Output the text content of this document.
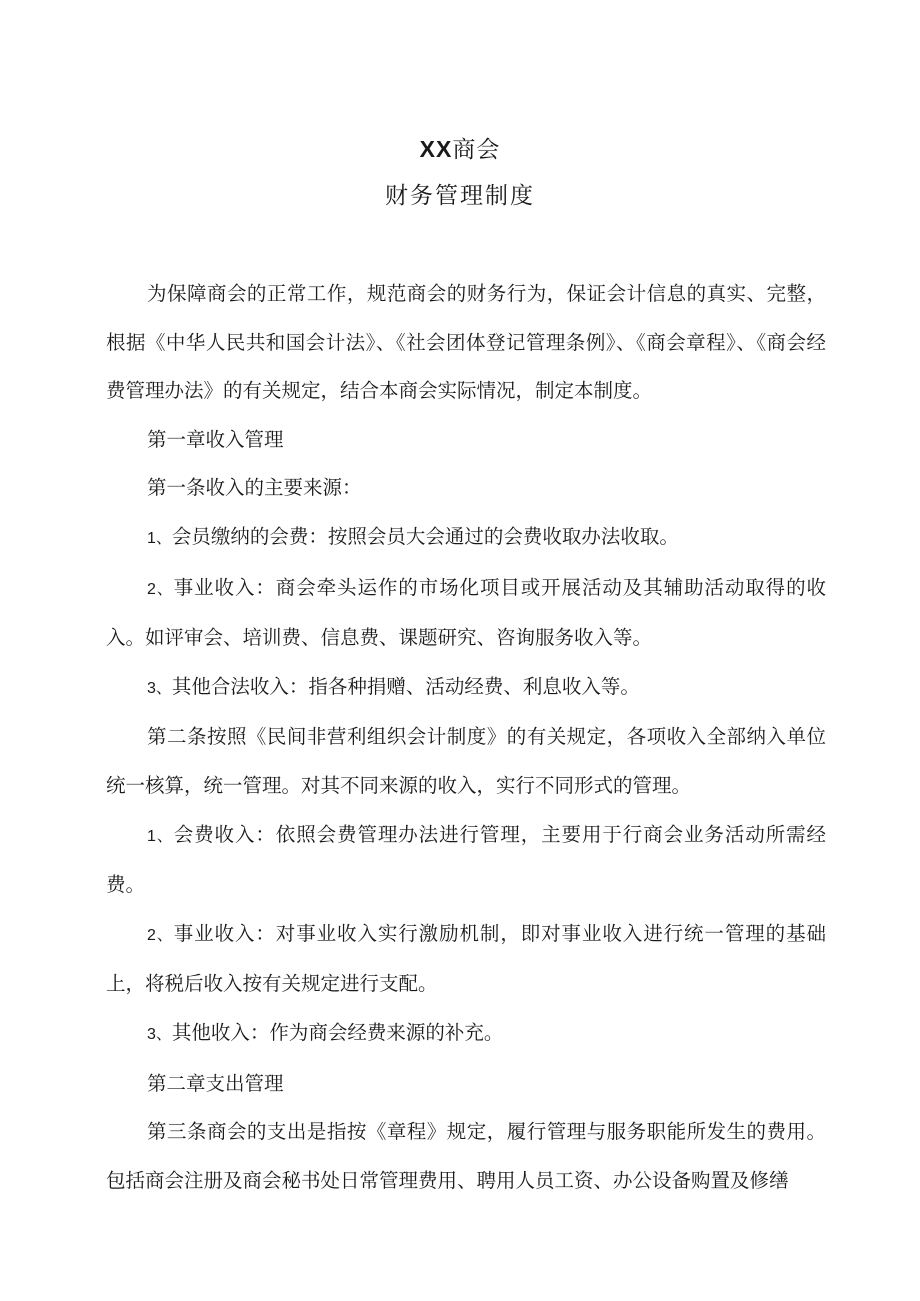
XX商会
财务管理制度

为保障商会的正常工作，规范商会的财务行为，保证会计信息的真实、完整，根据《中华人民共和国会计法》、《社会团体登记管理条例》、《商会章程》、《商会经费管理办法》的有关规定，结合本商会实际情况，制定本制度。

第一章收入管理

第一条收入的主要来源：

1、会员缴纳的会费：按照会员大会通过的会费收取办法收取。

2、事业收入：商会牵头运作的市场化项目或开展活动及其辅助活动取得的收入。如评审会、培训费、信息费、课题研究、咨询服务收入等。

3、其他合法收入：指各种捐赠、活动经费、利息收入等。

第二条按照《民间非营利组织会计制度》的有关规定，各项收入全部纳入单位统一核算，统一管理。对其不同来源的收入，实行不同形式的管理。

1、会费收入：依照会费管理办法进行管理，主要用于行商会业务活动所需经费。

2、事业收入：对事业收入实行激励机制，即对事业收入进行统一管理的基础上，将税后收入按有关规定进行支配。

3、其他收入：作为商会经费来源的补充。

第二章支出管理

第三条商会的支出是指按《章程》规定，履行管理与服务职能所发生的费用。包括商会注册及商会秘书处日常管理费用、聘用人员工资、办公设备购置及修缮
